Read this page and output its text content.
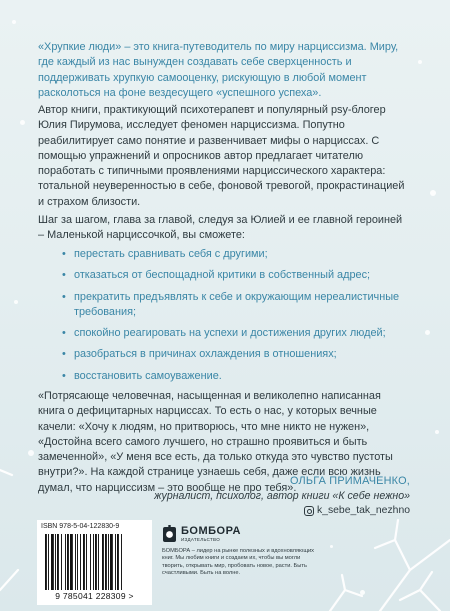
«Хрупкие люди» – это книга-путеводитель по миру нарциссизма. Миру, где каждый из нас вынужден создавать себе сверхценность и поддерживать хрупкую самооценку, рискующую в любой момент расколоться на фоне вездесущего «успешного успеха».

Автор книги, практикующий психотерапевт и популярный psy-блогер Юлия Пирумова, исследует феномен нарциссизма. Попутно реабилитирует само понятие и развенчивает мифы о нарциссах. С помощью упражнений и опросников автор предлагает читателю поработать с типичными проявлениями нарциссического характера: тотальной неуверенностью в себе, фоновой тревогой, прокрастинацией и страхом близости.

Шаг за шагом, глава за главой, следуя за Юлией и ее главной героиней – Маленькой нарциссочкой, вы сможете:

• перестать сравнивать себя с другими;
• отказаться от беспощадной критики в собственный адрес;
• прекратить предъявлять к себе и окружающим нереалистичные требования;
• спокойно реагировать на успехи и достижения других людей;
• разобраться в причинах охлаждения в отношениях;
• восстановить самоуважение.

«Потрясающе человечная, насыщенная и великолепно написанная книга о дефицитарных нарциссах. То есть о нас, у которых вечные качели: «Хочу к людям, но притворюсь, что мне никто не нужен», «Достойна всего самого лучшего, но страшно проявиться и быть замеченной», «У меня все есть, да только откуда это чувство пустоты внутри?». На каждой странице узнаешь себя, даже если всю жизнь думал, что нарциссизм – это вообще не про тебя».

ОЛЬГА ПРИМАЧЕНКО,
журналист, психолог, автор книги «К себе нежно»
k_sebe_tak_nezhno
ISBN 978-5-04-122830-9
9 785041 228309 >
БОМБОРА
ИЗДАТЕЛЬСТВО

БОМБОРА – лидер на рынке полезных и вдохновляющих книг. Мы любим книги и создаем их, чтобы вы могли творить, открывать мир, пробовать новое, расти. Быть счастливыми. Быть на волне.
